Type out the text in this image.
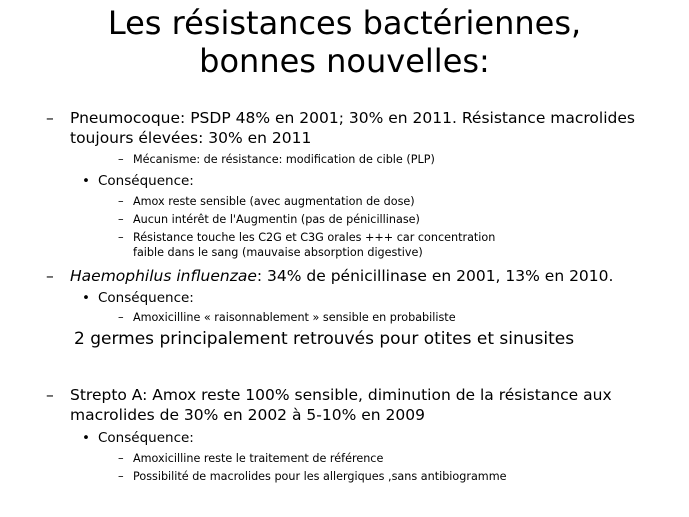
Les résistances bactériennes,
bonnes nouvelles:
– Pneumocoque: PSDP 48% en 2001; 30% en 2011. Résistance macrolides toujours élevées: 30% en 2011
– Mécanisme: de résistance: modification de cible (PLP)
• Conséquence:
– Amox reste sensible (avec augmentation de dose)
– Aucun intérêt de l'Augmentin (pas de pénicillinase)
– Résistance touche les C2G et C3G orales +++ car concentration faible dans le sang (mauvaise absorption digestive)
– Haemophilus influenzae: 34% de pénicillinase en 2001, 13% en 2010.
• Conséquence:
– Amoxicilline « raisonnablement » sensible en probabiliste
2 germes principalement retrouvés pour otites et sinusites
– Strepto A: Amox reste 100% sensible, diminution de la résistance aux macrolides de 30% en 2002 à 5-10% en 2009
• Conséquence:
– Amoxicilline reste le traitement de référence
– Possibilité de macrolides pour les allergiques ,sans antibiogramme
